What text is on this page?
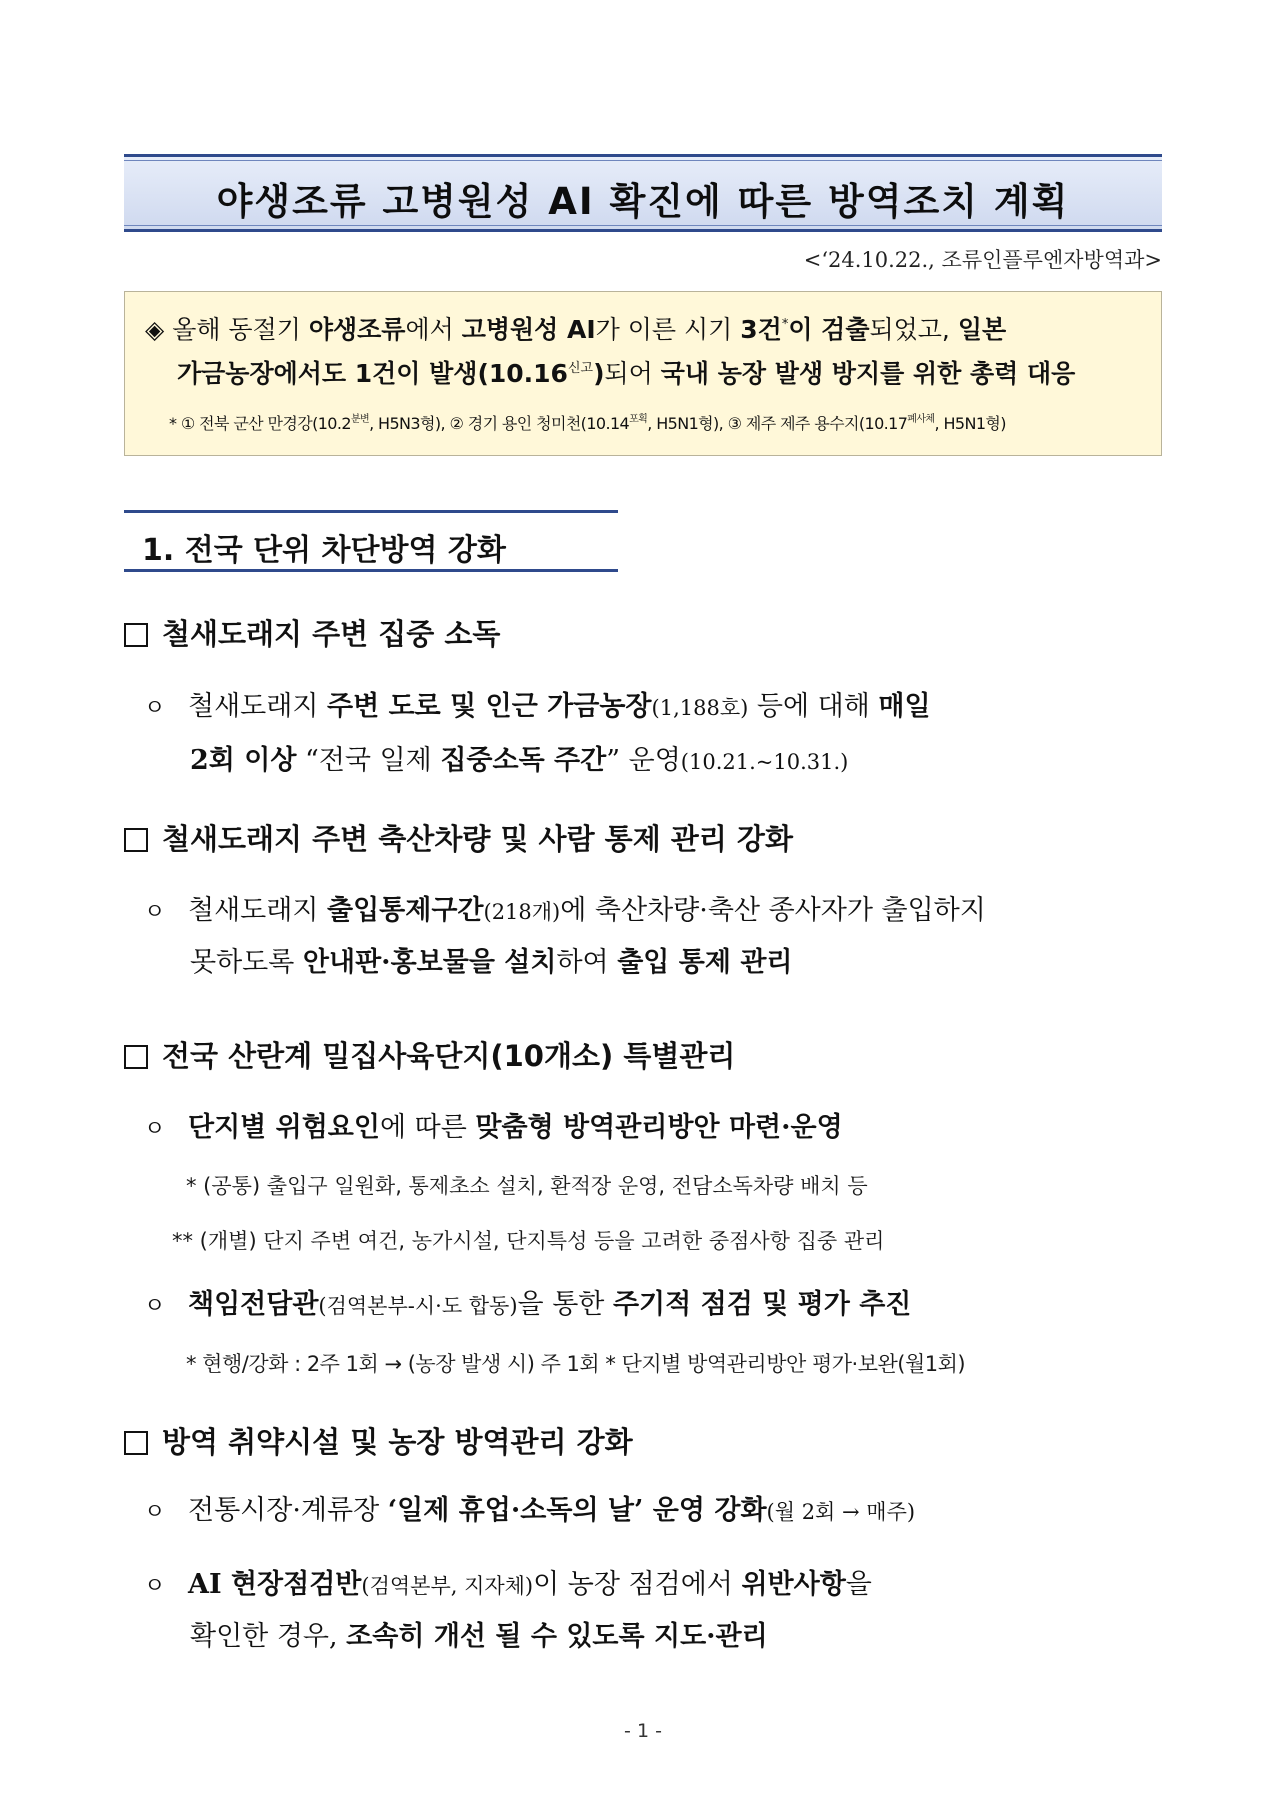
야생조류 고병원성 AI 확진에 따른 방역조치 계획
<‘24.10.22., 조류인플루엔자방역과>
◈ 올해 동절기 야생조류에서 고병원성 AI가 이른 시기 3건*이 검출되었고, 일본
가금농장에서도 1건이 발생$(10.16^{신고})$되어 국내 농장 발생 방지를 위한 총력 대응
* ① 전북 군산 만경강($10.2^{분변}$, H5N3형), ② 경기 용인 청미천($10.14^{포획}$, H5N1형), ③ 제주 제주 용수지($10.17^{폐사체}$, H5N1형)
1. 전국 단위 차단방역 강화
철새도래지 주변 집중 소독
ㅇ 철새도래지 주변 도로 및 인근 가금농장(1,188호) 등에 대해 매일
2회 이상 “전국 일제 집중소독 주간” 운영(10.21.~10.31.)
철새도래지 주변 축산차량 및 사람 통제 관리 강화
ㅇ 철새도래지 출입통제구간(218개)에 축산차량·축산 종사자가 출입하지
못하도록 안내판·홍보물을 설치하여 출입 통제 관리
전국 산란계 밀집사육단지(10개소) 특별관리
ㅇ 단지별 위험요인에 따른 맞춤형 방역관리방안 마련·운영
* (공통) 출입구 일원화, 통제초소 설치, 환적장 운영, 전담소독차량 배치 등
** (개별) 단지 주변 여건, 농가시설, 단지특성 등을 고려한 중점사항 집중 관리
ㅇ 책임전담관(검역본부-시·도 합동)을 통한 주기적 점검 및 평가 추진
* 현행/강화 : 2주 1회 → (농장 발생 시) 주 1회 * 단지별 방역관리방안 평가·보완(월1회)
방역 취약시설 및 농장 방역관리 강화
ㅇ 전통시장·계류장 ‘일제 휴업·소독의 날’ 운영 강화(월 2회 → 매주)
ㅇ AI 현장점검반(검역본부, 지자체)이 농장 점검에서 위반사항을
확인한 경우, 조속히 개선 될 수 있도록 지도·관리
- 1 -
